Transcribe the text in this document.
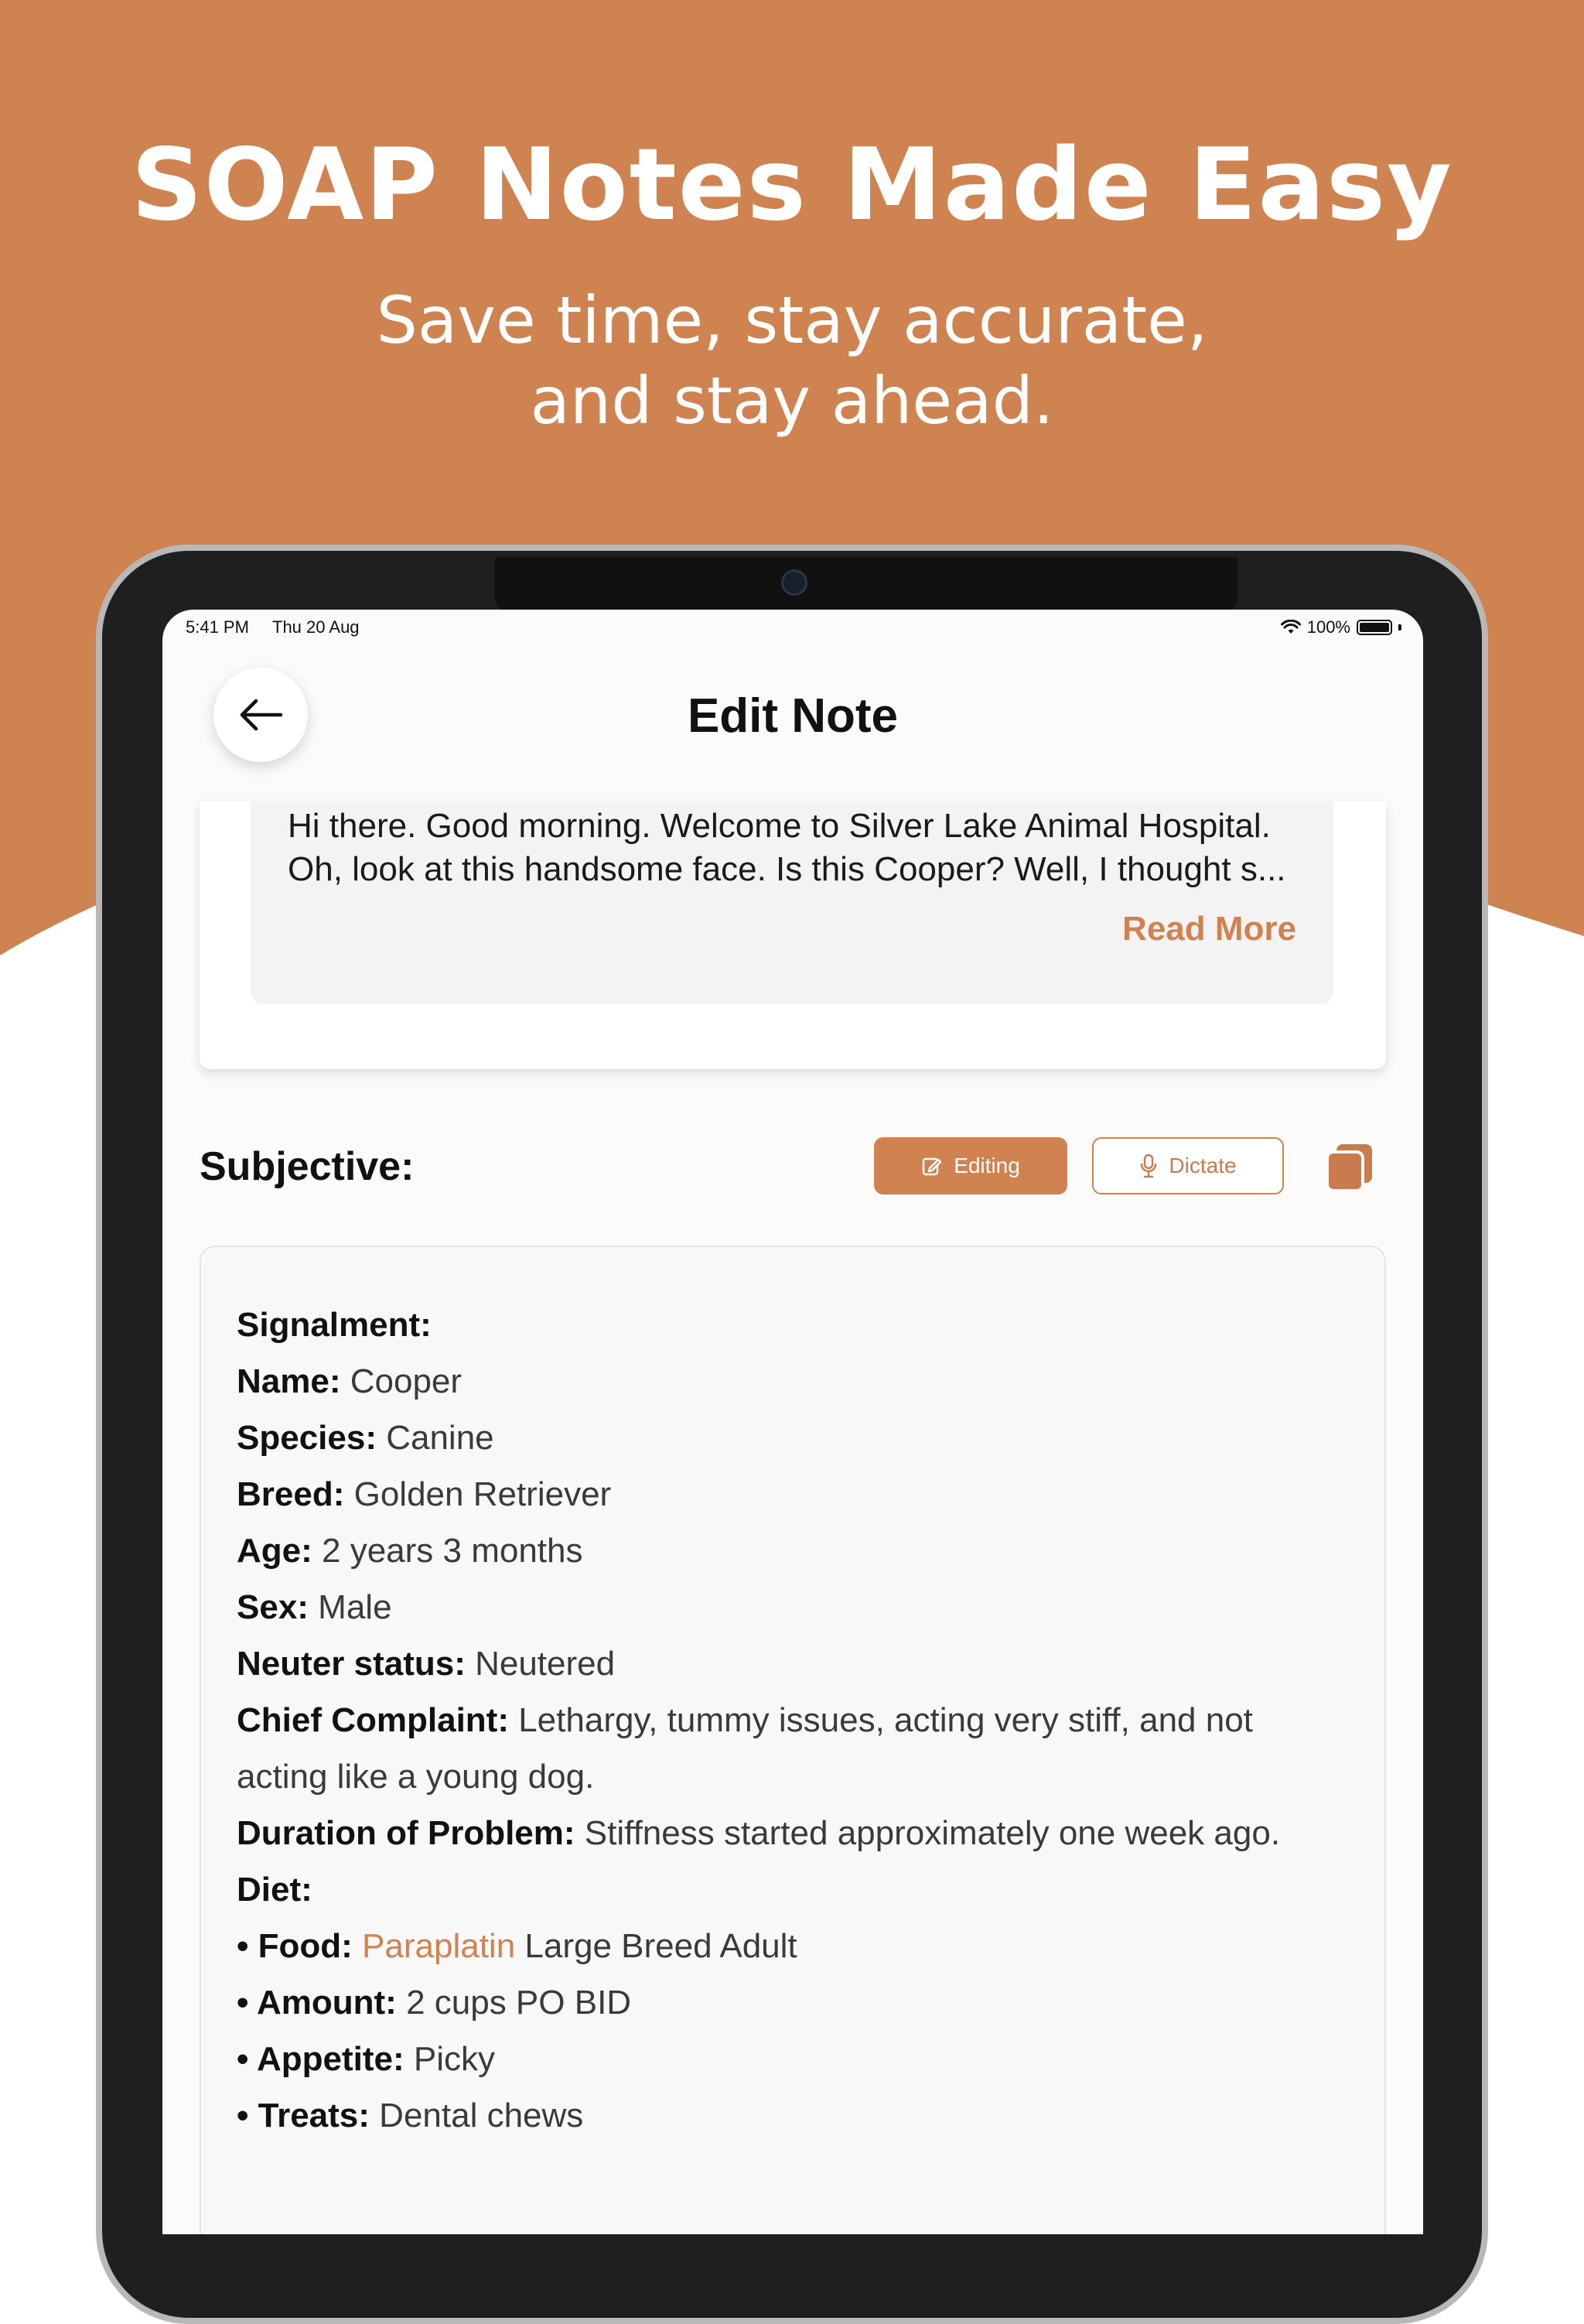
SOAP Notes Made Easy

Save time, stay accurate,
and stay ahead.

5:41 PM Thu 20 Aug	100%
Edit Note

Hi there. Good morning. Welcome to Silver Lake Animal Hospital. Oh, look at this handsome face. Is this Cooper? Well, I thought s...

Read More
Subjective:	Editing	Dictate

Signalment:

Name: Cooper

Species: Canine

Breed: Golden Retriever

Age: 2 years 3 months

Sex: Male

Neuter status: Neutered

Chief Complaint: Lethargy, tummy issues, acting very stiff, and not acting like a young dog.

Duration of Problem: Stiffness started approximately one week ago.

Diet:

• Food: Paraplatin Large Breed Adult

• Amount: 2 cups PO BID

• Appetite: Picky

• Treats: Dental chews
